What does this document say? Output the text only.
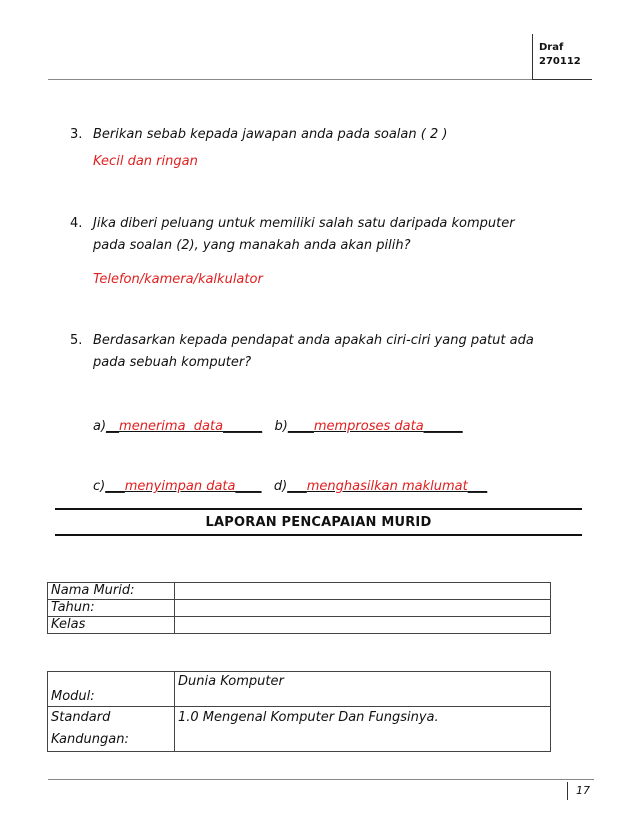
Draf
270112
3. Berikan sebab kepada jawapan anda pada soalan ( 2 )
Kecil dan ringan
4. Jika diberi peluang untuk memiliki salah satu daripada komputer pada soalan (2), yang manakah anda akan pilih?
Telefon/kamera/kalkulator
5. Berdasarkan kepada pendapat anda apakah ciri-ciri yang patut ada pada sebuah komputer?
a)__menerima  data______ b)____memproses data______
c)___menyimpan data____ d)___menghasilkan maklumat___
LAPORAN PENCAPAIAN MURID
Nama Murid:	
Tahun:	
Kelas	
Modul:	Dunia Komputer

Standard Kandungan:	1.0 Mengenal Komputer Dan Fungsinya.
17
